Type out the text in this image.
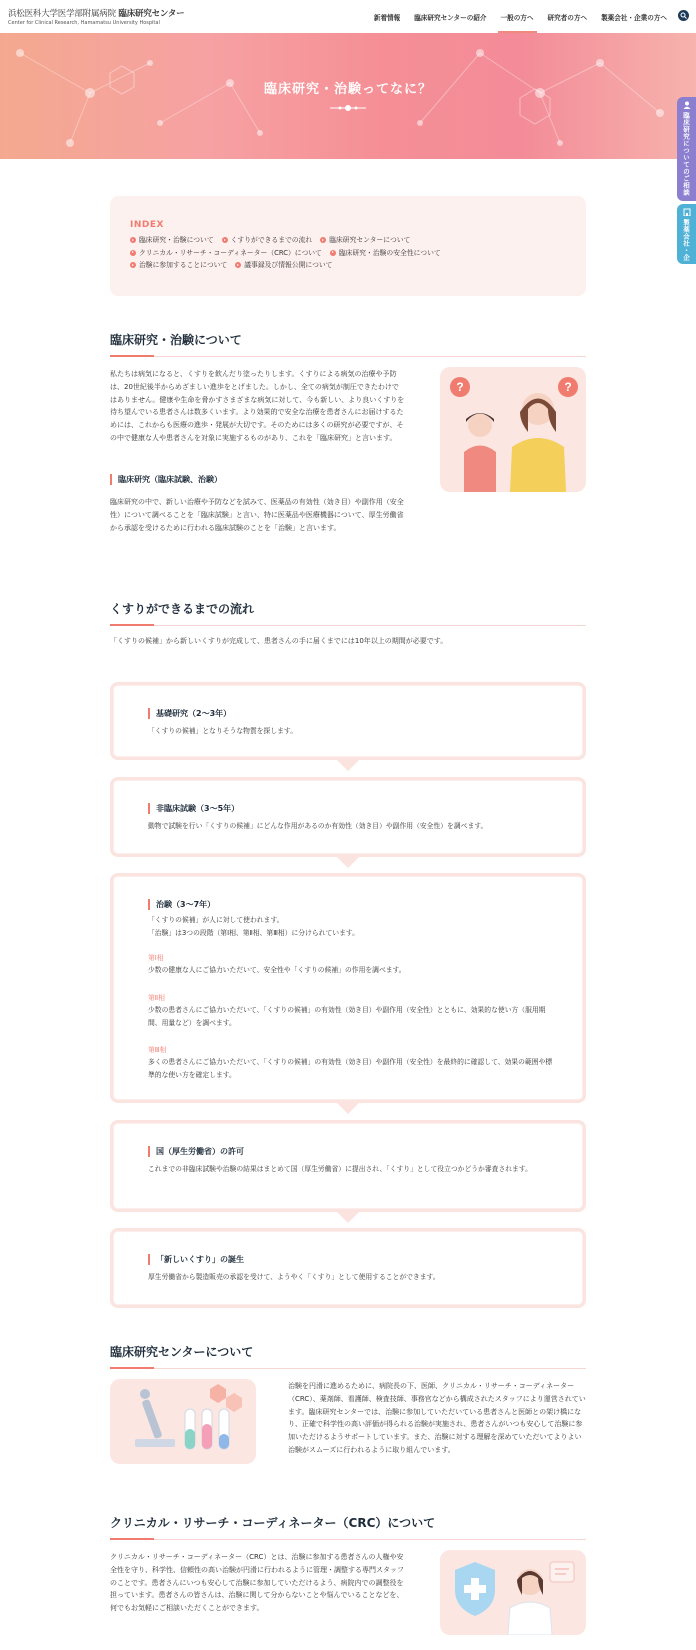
浜松医科大学医学部附属病院 臨床研究センター
Center for Clinical Research, Hamamatsu University Hospital
新着情報	臨床研究センターの紹介	一般の方へ	研究者の方へ	製薬会社・企業の方へ
臨床研究・治験ってなに？
臨床研究についてのご相談
製薬会社・企
INDEX
臨床研究・治験について	くすりができるまでの流れ	臨床研究センターについて
クリニカル・リサーチ・コーディネーター（CRC）について	臨床研究・治験の安全性について
治験に参加することについて	議事録及び情報公開について
臨床研究・治験について
私たちは病気になると、くすりを飲んだり塗ったりします。くすりによる病気の治療や予防は、20世紀後半からめざましい進歩をとげました。しかし、全ての病気が制圧できたわけではありません。健康や生命を脅かすさまざまな病気に対して、今も新しい、より良いくすりを待ち望んでいる患者さんは数多くいます。より効果的で安全な治療を患者さんにお届けするためには、これからも医療の進歩・発展が大切です。そのためには多くの研究が必要ですが、その中で健康な人や患者さんを対象に実施するものがあり、これを「臨床研究」と言います。
臨床研究（臨床試験、治験）
臨床研究の中で、新しい治療や予防などを試みて、医薬品の有効性（効き目）や副作用（安全性）について調べることを「臨床試験」と言い、特に医薬品や医療機器について、厚生労働省から承認を受けるために行われる臨床試験のことを「治験」と言います。
?	?
くすりができるまでの流れ
「くすりの候補」から新しいくすりが完成して、患者さんの手に届くまでには10年以上の期間が必要です。
基礎研究（2〜3年）
「くすりの候補」となりそうな物質を探します。
非臨床試験（3〜5年）
動物で試験を行い「くすりの候補」にどんな作用があるのか有効性（効き目）や副作用（安全性）を調べます。
治験（3〜7年）
「くすりの候補」が人に対して使われます。
「治験」は3つの段階（第Ⅰ相、第Ⅱ相、第Ⅲ相）に分けられています。
第Ⅰ相
少数の健康な人にご協力いただいて、安全性や「くすりの候補」の作用を調べます。
第Ⅱ相
少数の患者さんにご協力いただいて、「くすりの候補」の有効性（効き目）や副作用（安全性）とともに、効果的な使い方（服用期間、用量など）を調べます。
第Ⅲ相
多くの患者さんにご協力いただいて、「くすりの候補」の有効性（効き目）や副作用（安全性）を最終的に確認して、効果の範囲や標準的な使い方を確定します。
国（厚生労働省）の許可
これまでの非臨床試験や治験の結果はまとめて国（厚生労働省）に提出され、「くすり」として役立つかどうか審査されます。
「新しいくすり」の誕生
厚生労働省から製造販売の承認を受けて、ようやく「くすり」として使用することができます。
臨床研究センターについて
治験を円滑に進めるために、病院長の下、医師、クリニカル・リサーチ・コーディネーター（CRC）、薬剤師、看護師、検査技師、事務官などから構成されたスタッフにより運営されています。臨床研究センターでは、治験に参加していただいている患者さんと医師との架け橋になり、正確で科学性の高い評価が得られる治験が実施され、患者さんがいつも安心して治験に参加いただけるようサポートしています。また、治験に対する理解を深めていただいてよりよい治験がスムーズに行われるように取り組んでいます。
クリニカル・リサーチ・コーディネーター（CRC）について
クリニカル・リサーチ・コーディネーター（CRC）とは、治験に参加する患者さんの人権や安全性を守り、科学性、信頼性の高い治験が円滑に行われるように管理・調整する専門スタッフのことです。患者さんにいつも安心して治験に参加していただけるよう、病院内での調整役を担っています。患者さんの皆さんは、治験に関して分からないことや悩んでいることなどを、何でもお気軽にご相談いただくことができます。
